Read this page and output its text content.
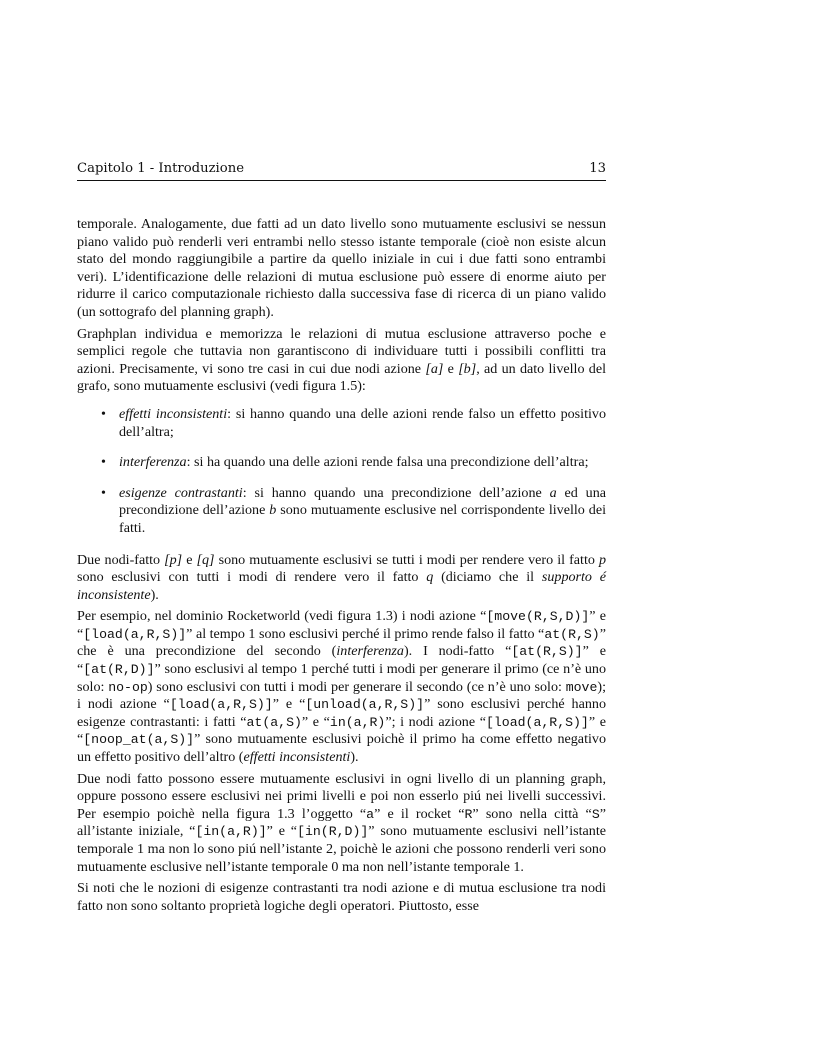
Capitolo 1 - Introduzione	13

temporale. Analogamente, due fatti ad un dato livello sono mutuamente esclusivi se nessun piano valido può renderli veri entrambi nello stesso istante temporale (cioè non esiste alcun stato del mondo raggiungibile a partire da quello iniziale in cui i due fatti sono entrambi veri). L’identificazione delle relazioni di mutua esclusione può essere di enorme aiuto per ridurre il carico computazionale richiesto dalla successiva fase di ricerca di un piano valido (un sottografo del planning graph).

Graphplan individua e memorizza le relazioni di mutua esclusione attraverso poche e semplici regole che tuttavia non garantiscono di individuare tutti i possibili conflitti tra azioni. Precisamente, vi sono tre casi in cui due nodi azione [a] e [b], ad un dato livello del grafo, sono mutuamente esclusivi (vedi figura 1.5):

• effetti inconsistenti: si hanno quando una delle azioni rende falso un effetto positivo dell’altra;
• interferenza: si ha quando una delle azioni rende falsa una precondizione dell’altra;
• esigenze contrastanti: si hanno quando una precondizione dell’azione a ed una precondizione dell’azione b sono mutuamente esclusive nel corrispondente livello dei fatti.

Due nodi-fatto [p] e [q] sono mutuamente esclusivi se tutti i modi per rendere vero il fatto p sono esclusivi con tutti i modi di rendere vero il fatto q (diciamo che il supporto é inconsistente).

Per esempio, nel dominio Rocketworld (vedi figura 1.3) i nodi azione “[move(R,S,D)]” e “[load(a,R,S)]” al tempo 1 sono esclusivi perché il primo rende falso il fatto “at(R,S)” che è una precondizione del secondo (interferenza). I nodi-fatto “[at(R,S)]” e “[at(R,D)]” sono esclusivi al tempo 1 perché tutti i modi per generare il primo (ce n’è uno solo: no-op) sono esclusivi con tutti i modi per generare il secondo (ce n’è uno solo: move); i nodi azione “[load(a,R,S)]” e “[unload(a,R,S)]” sono esclusivi perché hanno esigenze contrastanti: i fatti “at(a,S)” e “in(a,R)”; i nodi azione “[load(a,R,S)]” e “[noop_at(a,S)]” sono mutuamente esclusivi poichè il primo ha come effetto negativo un effetto positivo dell’altro (effetti inconsistenti).

Due nodi fatto possono essere mutuamente esclusivi in ogni livello di un planning graph, oppure possono essere esclusivi nei primi livelli e poi non esserlo piú nei livelli successivi. Per esempio poichè nella figura 1.3 l’oggetto “a” e il rocket “R” sono nella città “S” all’istante iniziale, “[in(a,R)]” e “[in(R,D)]” sono mutuamente esclusivi nell’istante temporale 1 ma non lo sono piú nell’istante 2, poichè le azioni che possono renderli veri sono mutuamente esclusive nell’istante temporale 0 ma non nell’istante temporale 1.

Si noti che le nozioni di esigenze contrastanti tra nodi azione e di mutua esclusione tra nodi fatto non sono soltanto proprietà logiche degli operatori. Piuttosto, esse
